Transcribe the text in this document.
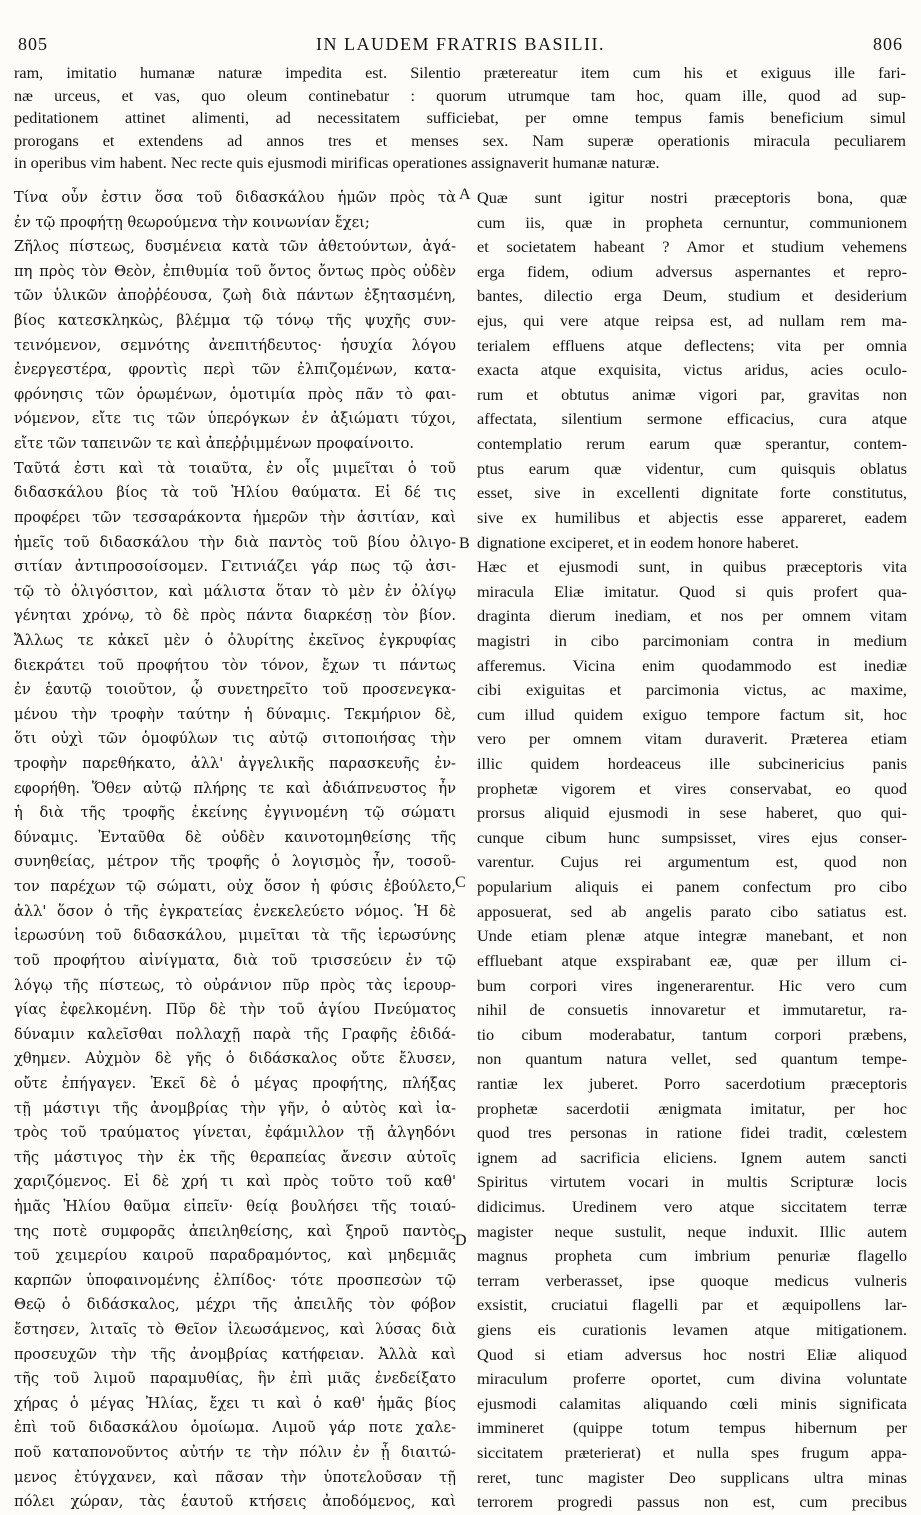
805	IN LAUDEM FRATRIS BASILII.	806
ram, imitatio humanæ naturæ impedita est. Silentio prætereatur item cum his et exiguus ille fari-
næ urceus, et vas, quo oleum continebatur : quorum utrumque tam hoc, quam ille, quod ad sup-
peditationem attinet alimenti, ad necessitatem sufficiebat, per omne tempus famis beneficium simul
prorogans et extendens ad annos tres et menses sex. Nam superæ operationis miracula peculiarem
in operibus vim habent. Nec recte quis ejusmodi mirificas operationes assignaverit humanæ naturæ.
Τίνα οὖν ἐστιν ὅσα τοῦ διδασκάλου ἡμῶν πρὸς τὰ
ἐν τῷ προφήτῃ θεωρούμενα τὴν κοινωνίαν ἔχει;
Ζῆλος πίστεως, δυσμένεια κατὰ τῶν ἀθετούντων, ἀγά-
πη πρὸς τὸν Θεὸν, ἐπιθυμία τοῦ ὄντος ὄντως πρὸς οὐδὲν
τῶν ὑλικῶν ἀποῤῥέουσα, ζωὴ διὰ πάντων ἐξητασμένη,
βίος κατεσκληκὼς, βλέμμα τῷ τόνῳ τῆς ψυχῆς συν-
τεινόμενον, σεμνότης ἀνεπιτήδευτος· ἡσυχία λόγου
ἐνεργεστέρα, φροντὶς περὶ τῶν ἐλπιζομένων, κατα-
φρόνησις τῶν ὁρωμένων, ὁμοτιμία πρὸς πᾶν τὸ φαι-
νόμενον, εἴτε τις τῶν ὑπερόγκων ἐν ἀξιώματι τύχοι,
εἴτε τῶν ταπεινῶν τε καὶ ἀπεῤῥιμμένων προφαίνοιτο.
Ταῦτά ἐστι καὶ τὰ τοιαῦτα, ἐν οἷς μιμεῖται ὁ τοῦ
διδασκάλου βίος τὰ τοῦ Ἠλίου θαύματα. Εἰ δέ τις
προφέρει τῶν τεσσαράκοντα ἡμερῶν τὴν ἀσιτίαν, καὶ
ἡμεῖς τοῦ διδασκάλου τὴν διὰ παντὸς τοῦ βίου ὀλιγο-
σιτίαν ἀντιπροσοίσομεν. Γειτνιάζει γάρ πως τῷ ἀσι-
τῷ τὸ ὀλιγόσιτον, καὶ μάλιστα ὅταν τὸ μὲν ἐν ὀλίγῳ
γένηται χρόνῳ, τὸ δὲ πρὸς πάντα διαρκέσῃ τὸν βίον.
Ἄλλως τε κἀκεῖ μὲν ὁ ὀλυρίτης ἐκεῖνος ἐγκρυφίας
διεκράτει τοῦ προφήτου τὸν τόνον, ἔχων τι πάντως
ἐν ἑαυτῷ τοιοῦτον, ᾧ συνετηρεῖτο τοῦ προσενεγκα-
μένου τὴν τροφὴν ταύτην ἡ δύναμις. Τεκμήριον δὲ,
ὅτι οὐχὶ τῶν ὁμοφύλων τις αὐτῷ σιτοποιήσας τὴν
τροφὴν παρεθήκατο, ἀλλ' ἀγγελικῆς παρασκευῆς ἐν-
εφορήθη. Ὅθεν αὐτῷ πλήρης τε καὶ ἀδιάπνευστος ἦν
ἡ διὰ τῆς τροφῆς ἐκείνης ἐγγινομένη τῷ σώματι
δύναμις. Ἐνταῦθα δὲ οὐδὲν καινοτομηθείσης τῆς
συνηθείας, μέτρον τῆς τροφῆς ὁ λογισμὸς ἦν, τοσοῦ-
τον παρέχων τῷ σώματι, οὐχ ὅσον ἡ φύσις ἐβούλετο,
ἀλλ' ὅσον ὁ τῆς ἐγκρατείας ἐνεκελεύετο νόμος. Ἡ δὲ
ἱερωσύνη τοῦ διδασκάλου, μιμεῖται τὰ τῆς ἱερωσύνης
τοῦ προφήτου αἰνίγματα, διὰ τοῦ τρισσεύειν ἐν τῷ
λόγῳ τῆς πίστεως, τὸ οὐράνιον πῦρ πρὸς τὰς ἱερουρ-
γίας ἐφελκομένη. Πῦρ δὲ τὴν τοῦ ἁγίου Πνεύματος
δύναμιν καλεῖσθαι πολλαχῇ παρὰ τῆς Γραφῆς ἐδιδά-
χθημεν. Αὐχμὸν δὲ γῆς ὁ διδάσκαλος οὔτε ἔλυσεν,
οὔτε ἐπήγαγεν. Ἐκεῖ δὲ ὁ μέγας προφήτης, πλήξας
τῇ μάστιγι τῆς ἀνομβρίας τὴν γῆν, ὁ αὐτὸς καὶ ἰα-
τρὸς τοῦ τραύματος γίνεται, ἐφάμιλλον τῇ ἀλγηδόνι
τῆς μάστιγος τὴν ἐκ τῆς θεραπείας ἄνεσιν αὐτοῖς
χαριζόμενος. Εἰ δὲ χρή τι καὶ πρὸς τοῦτο τοῦ καθ'
ἡμᾶς Ἠλίου θαῦμα εἰπεῖν· θείᾳ βουλήσει τῆς τοιαύ-
της ποτὲ συμφορᾶς ἀπειληθείσης, καὶ ξηροῦ παντὸς
τοῦ χειμερίου καιροῦ παραδραμόντος, καὶ μηδεμιᾶς
καρπῶν ὑποφαινομένης ἐλπίδος· τότε προσπεσὼν τῷ
Θεῷ ὁ διδάσκαλος, μέχρι τῆς ἀπειλῆς τὸν φόβον
ἔστησεν, λιταῖς τὸ Θεῖον ἱλεωσάμενος, καὶ λύσας διὰ
προσευχῶν τὴν τῆς ἀνομβρίας κατήφειαν. Ἀλλὰ καὶ
τῆς τοῦ λιμοῦ παραμυθίας, ἣν ἐπὶ μιᾶς ἐνεδείξατο
χήρας ὁ μέγας Ἠλίας, ἔχει τι καὶ ὁ καθ' ἡμᾶς βίος
ἐπὶ τοῦ διδασκάλου ὁμοίωμα. Λιμοῦ γάρ ποτε χαλε-
ποῦ καταπονοῦντος αὐτήν τε τὴν πόλιν ἐν ᾗ διαιτώ-
μενος ἐτύγχανεν, καὶ πᾶσαν τὴν ὑποτελοῦσαν τῇ
πόλει χώραν, τὰς ἑαυτοῦ κτήσεις ἀποδόμενος, καὶ
A
B
C
D
Quæ sunt igitur nostri præceptoris bona, quæ
cum iis, quæ in propheta cernuntur, communionem
et societatem habeant ? Amor et studium vehemens
erga fidem, odium adversus aspernantes et repro-
bantes, dilectio erga Deum, studium et desiderium
ejus, qui vere atque reipsa est, ad nullam rem ma-
terialem effluens atque deflectens; vita per omnia
exacta atque exquisita, victus aridus, acies oculo-
rum et obtutus animæ vigori par, gravitas non
affectata, silentium sermone efficacius, cura atque
contemplatio rerum earum quæ sperantur, contem-
ptus earum quæ videntur, cum quisquis oblatus
esset, sive in excellenti dignitate forte constitutus,
sive ex humilibus et abjectis esse appareret, eadem
dignatione exciperet, et in eodem honore haberet.
Hæc et ejusmodi sunt, in quibus præceptoris vita
miracula Eliæ imitatur. Quod si quis profert qua-
draginta dierum inediam, et nos per omnem vitam
magistri in cibo parcimoniam contra in medium
afferemus. Vicina enim quodammodo est inediæ
cibi exiguitas et parcimonia victus, ac maxime,
cum illud quidem exiguo tempore factum sit, hoc
vero per omnem vitam duraverit. Præterea etiam
illic quidem hordeaceus ille subcinericius panis
prophetæ vigorem et vires conservabat, eo quod
prorsus aliquid ejusmodi in sese haberet, quo qui-
cunque cibum hunc sumpsisset, vires ejus conser-
varentur. Cujus rei argumentum est, quod non
popularium aliquis ei panem confectum pro cibo
apposuerat, sed ab angelis parato cibo satiatus est.
Unde etiam plenæ atque integræ manebant, et non
effluebant atque exspirabant eæ, quæ per illum ci-
bum corpori vires ingenerarentur. Hic vero cum
nihil de consuetis innovaretur et immutaretur, ra-
tio cibum moderabatur, tantum corpori præbens,
non quantum natura vellet, sed quantum tempe-
rantiæ lex juberet. Porro sacerdotium præceptoris
prophetæ sacerdotii ænigmata imitatur, per hoc
quod tres personas in ratione fidei tradit, cœlestem
ignem ad sacrificia eliciens. Ignem autem sancti
Spiritus virtutem vocari in multis Scripturæ locis
didicimus. Uredinem vero atque siccitatem terræ
magister neque sustulit, neque induxit. Illic autem
magnus propheta cum imbrium penuriæ flagello
terram verberasset, ipse quoque medicus vulneris
exsistit, cruciatui flagelli par et æquipollens lar-
giens eis curationis levamen atque mitigationem.
Quod si etiam adversus hoc nostri Eliæ aliquod
miraculum proferre oportet, cum divina voluntate
ejusmodi calamitas aliquando cœli minis significata
immineret (quippe totum tempus hibernum per
siccitatem præterierat) et nulla spes frugum appa-
reret, tunc magister Deo supplicans ultra minas
terrorem progredi passus non est, cum precibus
